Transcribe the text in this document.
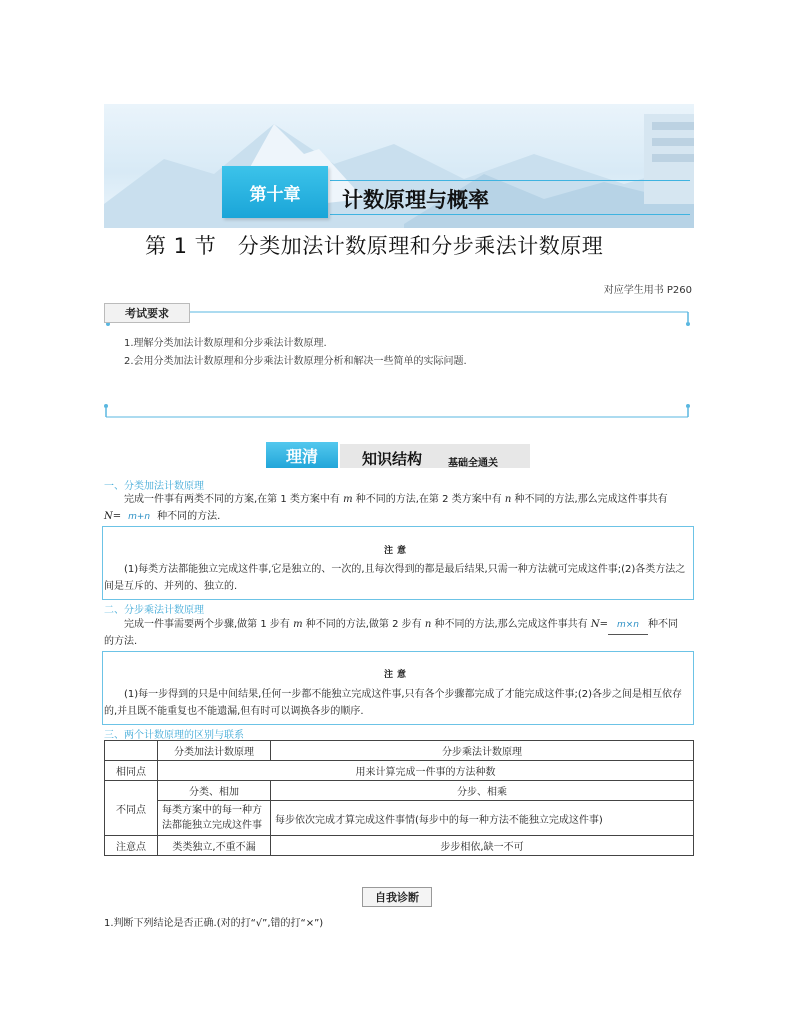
第十章	计数原理与概率
第 1 节　分类加法计数原理和分步乘法计数原理
对应学生用书 P260
考试要求
1.理解分类加法计数原理和分步乘法计数原理.
2.会用分类加法计数原理和分步乘法计数原理分析和解决一些简单的实际问题.
理清	知识结构	基础全通关
一、分类加法计数原理
完成一件事有两类不同的方案,在第 1 类方案中有 m 种不同的方法,在第 2 类方案中有 n 种不同的方法,那么完成这件事共有
N= m+n 种不同的方法.
注意
(1)每类方法都能独立完成这件事,它是独立的、一次的,且每次得到的都是最后结果,只需一种方法就可完成这件事;(2)各类方法之间是互斥的、并列的、独立的.
二、分步乘法计数原理
完成一件事需要两个步骤,做第 1 步有 m 种不同的方法,做第 2 步有 n 种不同的方法,那么完成这件事共有 N= m×n 种不同
的方法.
注意
(1)每一步得到的只是中间结果,任何一步都不能独立完成这件事,只有各个步骤都完成了才能完成这件事;(2)各步之间是相互依存的,并且既不能重复也不能遗漏,但有时可以调换各步的顺序.
三、两个计数原理的区别与联系
	分类加法计数原理	分步乘法计数原理
相同点	用来计算完成一件事的方法种数	
不同点	分类、相加	分步、相乘
	每类方案中的每一种方法都能独立完成这件事	每步依次完成才算完成这件事情(每步中的每一种方法不能独立完成这件事)
注意点	类类独立,不重不漏	步步相依,缺一不可
自我诊断
1.判断下列结论是否正确.(对的打“√”,错的打“×”)
